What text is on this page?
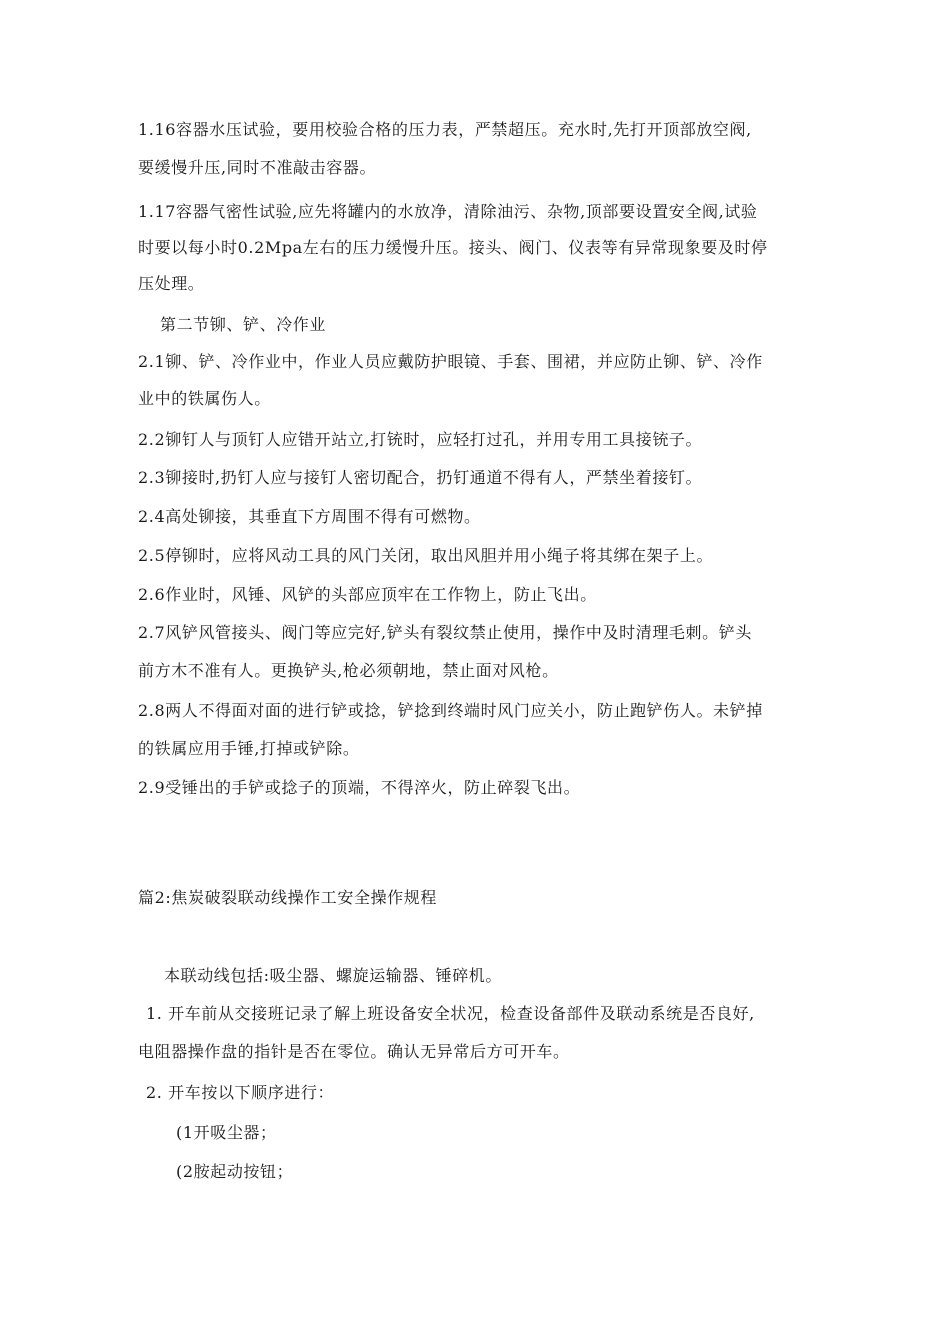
1.16容器水压试验，要用校验合格的压力表，严禁超压。充水时,先打开顶部放空阀,
要缓慢升压,同时不准敲击容器。
1.17容器气密性试验,应先将罐内的水放净，清除油污、杂物,顶部要设置安全阀,试验
时要以每小时0.2Mpa左右的压力缓慢升压。接头、阀门、仪表等有异常现象要及时停
压处理。
第二节铆、铲、冷作业
2.1铆、铲、冷作业中，作业人员应戴防护眼镜、手套、围裙，并应防止铆、铲、冷作
业中的铁属伤人。
2.2铆钉人与顶钉人应错开站立,打铳时，应轻打过孔，并用专用工具接铳子。
2.3铆接时,扔钉人应与接钉人密切配合，扔钉通道不得有人，严禁坐着接钉。
2.4高处铆接，其垂直下方周围不得有可燃物。
2.5停铆时，应将风动工具的风门关闭，取出风胆并用小绳子将其绑在架子上。
2.6作业时，风锤、风铲的头部应顶牢在工作物上，防止飞出。
2.7风铲风管接头、阀门等应完好,铲头有裂纹禁止使用，操作中及时清理毛刺。铲头
前方木不准有人。更换铲头,枪必须朝地，禁止面对风枪。
2.8两人不得面对面的进行铲或捻，铲捻到终端时风门应关小，防止跑铲伤人。未铲掉
的铁属应用手锤,打掉或铲除。
2.9受锤出的手铲或捻子的顶端，不得淬火，防止碎裂飞出。
篇2:焦炭破裂联动线操作工安全操作规程
本联动线包括:吸尘器、螺旋运输器、锤碎机。
1. 开车前从交接班记录了解上班设备安全状况，检查设备部件及联动系统是否良好,
电阻器操作盘的指针是否在零位。确认无异常后方可开车。
2. 开车按以下顺序进行：
(1开吸尘器；
(2胺起动按钮；
